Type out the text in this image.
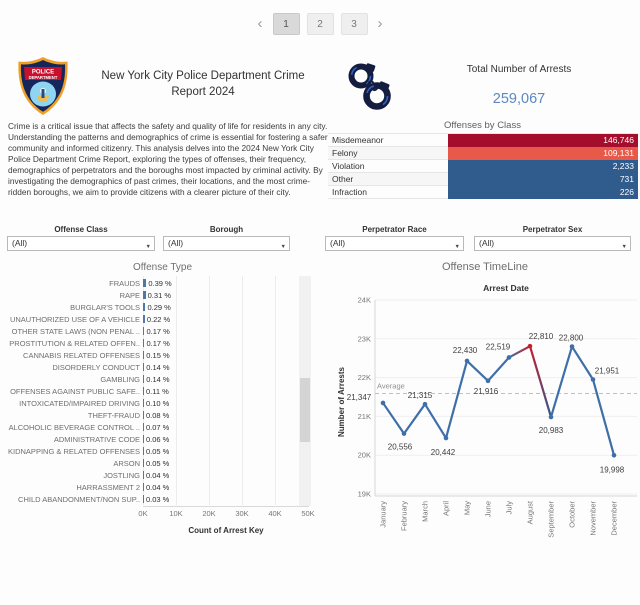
‹	1	2	3	›
POLICE
DEPARTMENT	New York City Police Department Crime
Report 2024
Total Number of Arrests
259,067
Crime is a critical issue that affects the safety and quality of life for residents in any city. Understanding the patterns and demographics of crime is essential for fostering a safer community and informed citizenry. This analysis delves into the 2024 New York City Police Department Crime Report, exploring the types of offenses, their frequency, demographics of perpetrators and the boroughs most impacted by criminal activity. By investigating the demographics of past crimes, their locations, and the most crime-ridden boroughs, we aim to provide citizens with a clearer picture of their city.
Offenses by Class
Misdemeanor	146,746
Felony	109,131
Violation	2,233
Other	731
Infraction	226
Offense Class
(All)	▼
Borough
(All)	▼
Perpetrator Race
(All)	▼
Perpetrator Sex
(All)	▼
Offense Type
FRAUDS	0.39 %
RAPE	0.31 %
BURGLAR'S TOOLS 0.29 %
UNAUTHORIZED USE OF A VEHICLE 0.22 %
OTHER STATE LAWS (NON PENAL .. 0.17 %
PROSTITUTION & RELATED OFFEN.. 0.17 %
CANNABIS RELATED OFFENSES 0.15 %
DISORDERLY CONDUCT 0.14 %
GAMBLING 0.14 %
OFFENSES AGAINST PUBLIC SAFE.. 0.11 %
INTOXICATED/IMPAIRED DRIVING 0.10 %
THEFT-FRAUD 0.08 %
ALCOHOLIC BEVERAGE CONTROL .. 0.07 %
ADMINISTRATIVE CODE 0.06 %
KIDNAPPING & RELATED OFFENSES 0.05 %
ARSON 0.05 %
JOSTLING 0.04 %
HARRASSMENT 2 0.04 %
CHILD ABANDONMENT/NON SUP.. 0.03 %
0K	10K	20K	30K	40K	50K
Count of Arrest Key
Offense TimeLine
Arrest Date
Number of Arrests
19K
20K
21K
22K
23K
24K
Average
21,347
20,556
21,315
20,442
22,430
21,916
22,519
22,810
20,983
22,800
21,951
19,998
January February March April May June July August September October November December
